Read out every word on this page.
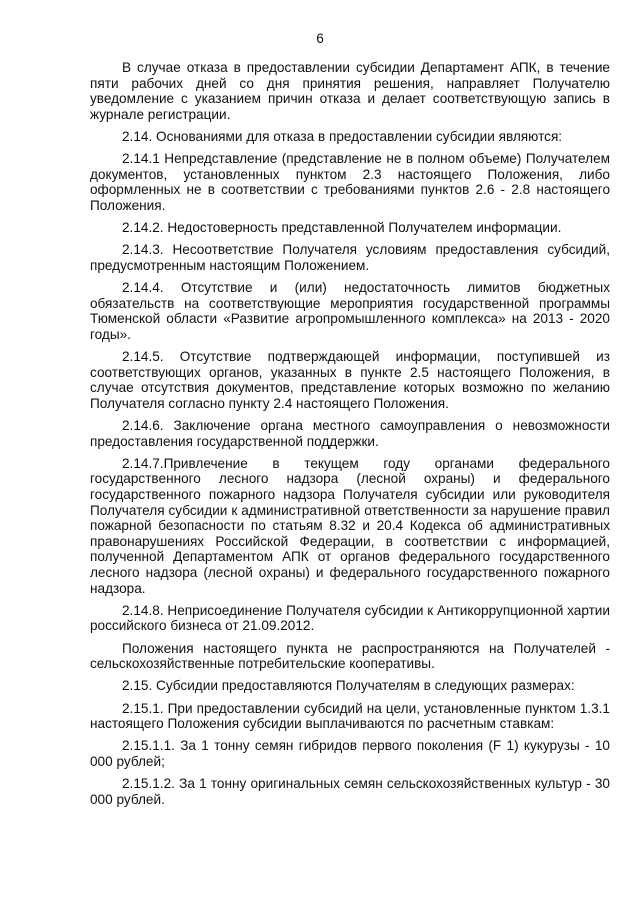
6

В случае отказа в предоставлении субсидии Департамент АПК, в течение пяти рабочих дней со дня принятия решения, направляет Получателю уведомление с указанием причин отказа и делает соответствующую запись в журнале регистрации.

2.14. Основаниями для отказа в предоставлении субсидии являются:

2.14.1 Непредставление (представление не в полном объеме) Получателем документов, установленных пунктом 2.3 настоящего Положения, либо оформленных не в соответствии с требованиями пунктов 2.6 - 2.8 настоящего Положения.

2.14.2. Недостоверность представленной Получателем информации.

2.14.3. Несоответствие Получателя условиям предоставления субсидий, предусмотренным настоящим Положением.

2.14.4. Отсутствие и (или) недостаточность лимитов бюджетных обязательств на соответствующие мероприятия государственной программы Тюменской области «Развитие агропромышленного комплекса» на 2013 - 2020 годы».

2.14.5. Отсутствие подтверждающей информации, поступившей из соответствующих органов, указанных в пункте 2.5 настоящего Положения, в случае отсутствия документов, представление которых возможно по желанию Получателя согласно пункту 2.4 настоящего Положения.

2.14.6. Заключение органа местного самоуправления о невозможности предоставления государственной поддержки.

2.14.7.Привлечение в текущем году органами федерального государственного лесного надзора (лесной охраны) и федерального государственного пожарного надзора Получателя субсидии или руководителя Получателя субсидии к административной ответственности за нарушение правил пожарной безопасности по статьям 8.32 и 20.4 Кодекса об административных правонарушениях Российской Федерации, в соответствии с информацией, полученной Департаментом АПК от органов федерального государственного лесного надзора (лесной охраны) и федерального государственного пожарного надзора.

2.14.8. Неприсоединение Получателя субсидии к Антикоррупционной хартии российского бизнеса от 21.09.2012.

Положения настоящего пункта не распространяются на Получателей - сельскохозяйственные потребительские кооперативы.

2.15. Субсидии предоставляются Получателям в следующих размерах:

2.15.1. При предоставлении субсидий на цели, установленные пунктом 1.3.1 настоящего Положения субсидии выплачиваются по расчетным ставкам:

2.15.1.1. За 1 тонну семян гибридов первого поколения (F 1) кукурузы - 10 000 рублей;

2.15.1.2. За 1 тонну оригинальных семян сельскохозяйственных культур - 30 000 рублей.
